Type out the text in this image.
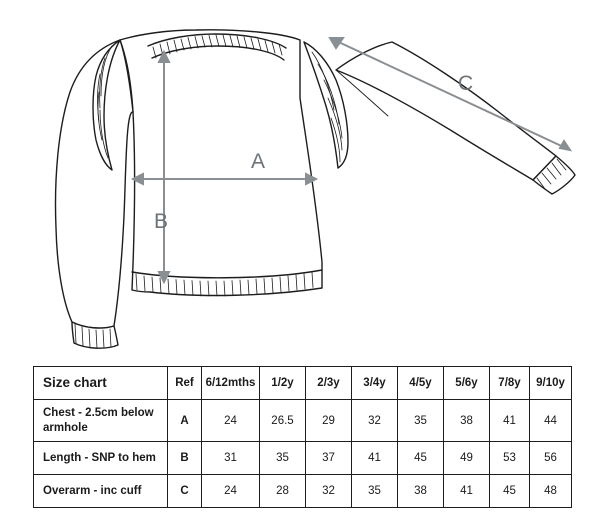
A
B
C
Size chart	Ref	6/12mths	1/2y	2/3y	3/4y	4/5y	5/6y	7/8y	9/10y
Chest - 2.5cm below armhole	A	24	26.5	29	32	35	38	41	44
Length - SNP to hem	B	31	35	37	41	45	49	53	56
Overarm - inc cuff	C	24	28	32	35	38	41	45	48
